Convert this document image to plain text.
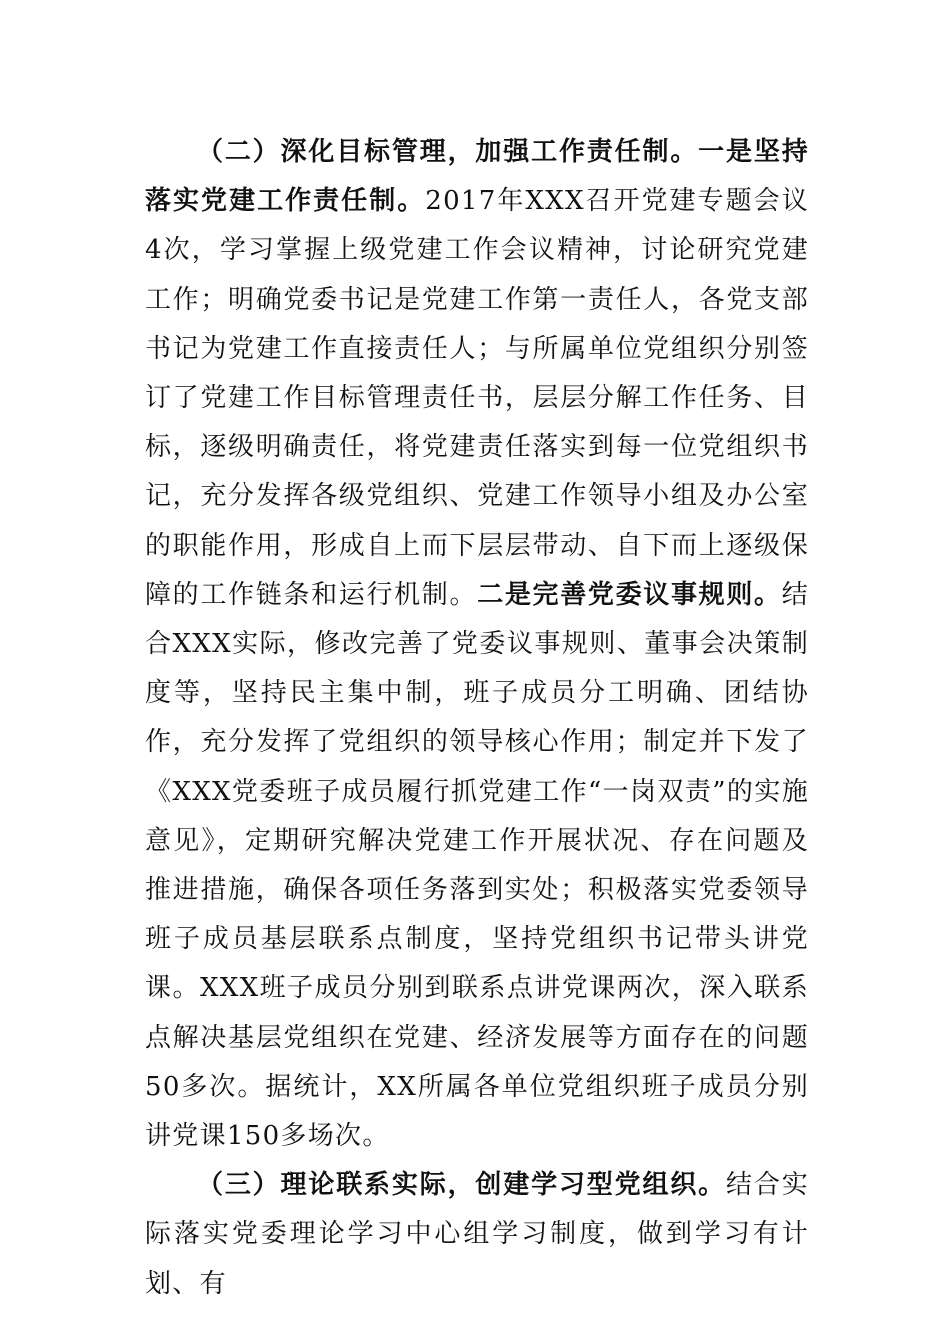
（二）深化目标管理，加强工作责任制。一是坚持落实党建工作责任制。2017年XXX召开党建专题会议4次，学习掌握上级党建工作会议精神，讨论研究党建工作；明确党委书记是党建工作第一责任人，各党支部书记为党建工作直接责任人；与所属单位党组织分别签订了党建工作目标管理责任书，层层分解工作任务、目标，逐级明确责任，将党建责任落实到每一位党组织书记，充分发挥各级党组织、党建工作领导小组及办公室的职能作用，形成自上而下层层带动、自下而上逐级保障的工作链条和运行机制。二是完善党委议事规则。结合XXX实际，修改完善了党委议事规则、董事会决策制度等，坚持民主集中制，班子成员分工明确、团结协作，充分发挥了党组织的领导核心作用；制定并下发了《XXX党委班子成员履行抓党建工作“一岗双责”的实施意见》，定期研究解决党建工作开展状况、存在问题及推进措施，确保各项任务落到实处；积极落实党委领导班子成员基层联系点制度，坚持党组织书记带头讲党课。XXX班子成员分别到联系点讲党课两次，深入联系点解决基层党组织在党建、经济发展等方面存在的问题50多次。据统计，XX所属各单位党组织班子成员分别讲党课150多场次。

（三）理论联系实际，创建学习型党组织。结合实际落实党委理论学习中心组学习制度，做到学习有计划、有
